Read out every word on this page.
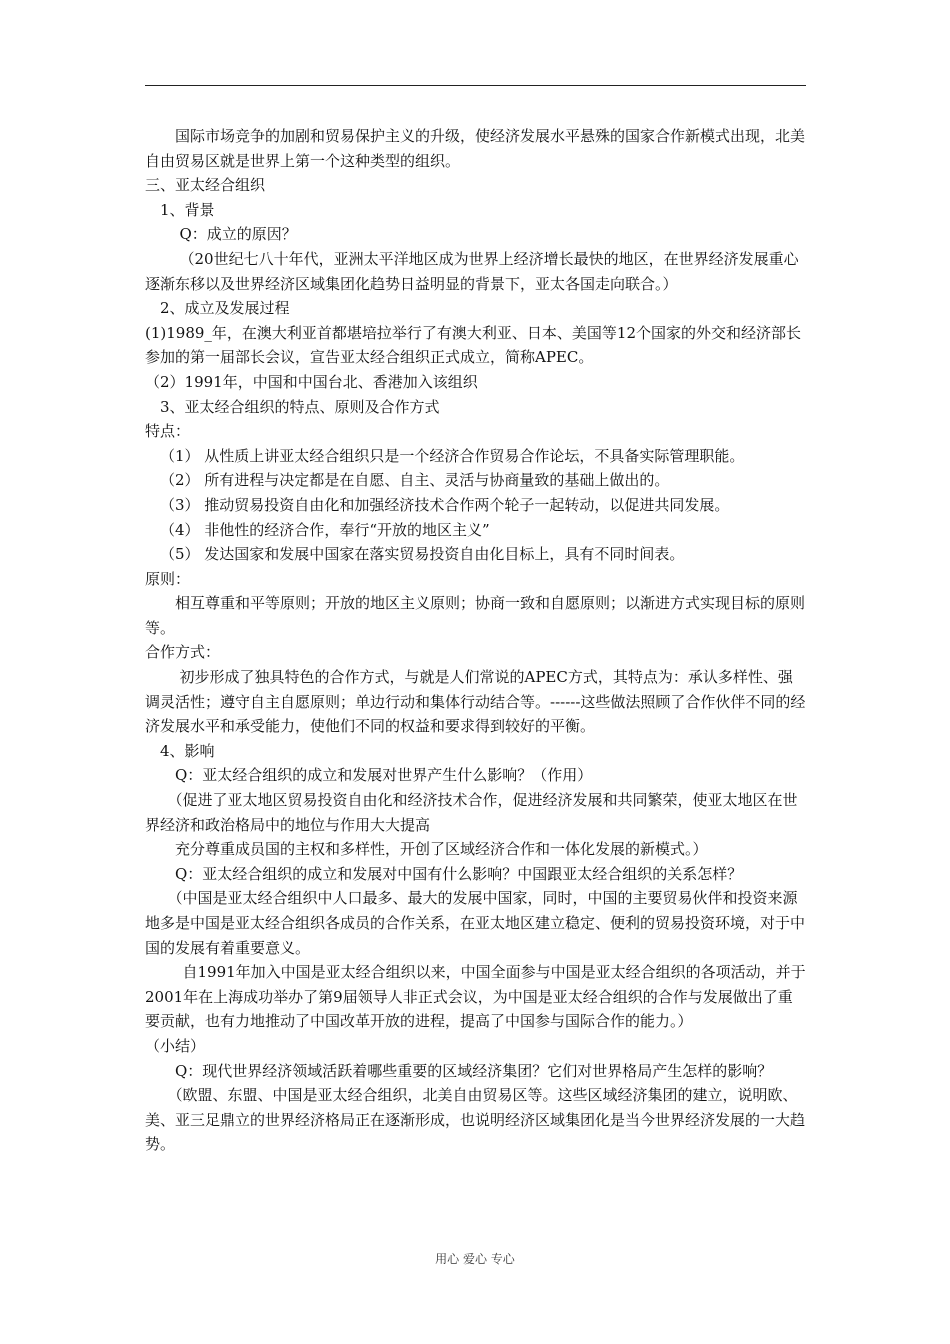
国际市场竞争的加剧和贸易保护主义的升级，使经济发展水平悬殊的国家合作新模式出现，北美自由贸易区就是世界上第一个这种类型的组织。

三、亚太经合组织

1、背景

Q：成立的原因？

（20世纪七八十年代，亚洲太平洋地区成为世界上经济增长最快的地区，在世界经济发展重心逐渐东移以及世界经济区域集团化趋势日益明显的背景下，亚太各国走向联合。）

2、成立及发展过程

(1)1989_年，在澳大利亚首都堪培拉举行了有澳大利亚、日本、美国等12个国家的外交和经济部长参加的第一届部长会议，宣告亚太经合组织正式成立，简称APEC。

（2）1991年，中国和中国台北、香港加入该组织

3、亚太经合组织的特点、原则及合作方式

特点：

（1） 从性质上讲亚太经合组织只是一个经济合作贸易合作论坛，不具备实际管理职能。

（2） 所有进程与决定都是在自愿、自主、灵活与协商量致的基础上做出的。

（3） 推动贸易投资自由化和加强经济技术合作两个轮子一起转动，以促进共同发展。

（4） 非他性的经济合作，奉行“开放的地区主义”

（5） 发达国家和发展中国家在落实贸易投资自由化目标上，具有不同时间表。

原则：

相互尊重和平等原则；开放的地区主义原则；协商一致和自愿原则；以渐进方式实现目标的原则等。

合作方式：

初步形成了独具特色的合作方式，与就是人们常说的APEC方式，其特点为：承认多样性、强调灵活性；遵守自主自愿原则；单边行动和集体行动结合等。------这些做法照顾了合作伙伴不同的经济发展水平和承受能力，使他们不同的权益和要求得到较好的平衡。

4、影响

Q：亚太经合组织的成立和发展对世界产生什么影响？（作用）

（促进了亚太地区贸易投资自由化和经济技术合作，促进经济发展和共同繁荣，使亚太地区在世界经济和政治格局中的地位与作用大大提高

充分尊重成员国的主权和多样性，开创了区域经济合作和一体化发展的新模式。）

Q：亚太经合组织的成立和发展对中国有什么影响？中国跟亚太经合组织的关系怎样？

（中国是亚太经合组织中人口最多、最大的发展中国家，同时，中国的主要贸易伙伴和投资来源地多是中国是亚太经合组织各成员的合作关系，在亚太地区建立稳定、便利的贸易投资环境，对于中国的发展有着重要意义。

自1991年加入中国是亚太经合组织以来，中国全面参与中国是亚太经合组织的各项活动，并于2001年在上海成功举办了第9届领导人非正式会议，为中国是亚太经合组织的合作与发展做出了重要贡献，也有力地推动了中国改革开放的进程，提高了中国参与国际合作的能力。）

（小结）

Q：现代世界经济领域活跃着哪些重要的区域经济集团？它们对世界格局产生怎样的影响？

（欧盟、东盟、中国是亚太经合组织，北美自由贸易区等。这些区域经济集团的建立，说明欧、美、亚三足鼎立的世界经济格局正在逐渐形成，也说明经济区域集团化是当今世界经济发展的一大趋势。

用心 爱心 专心
